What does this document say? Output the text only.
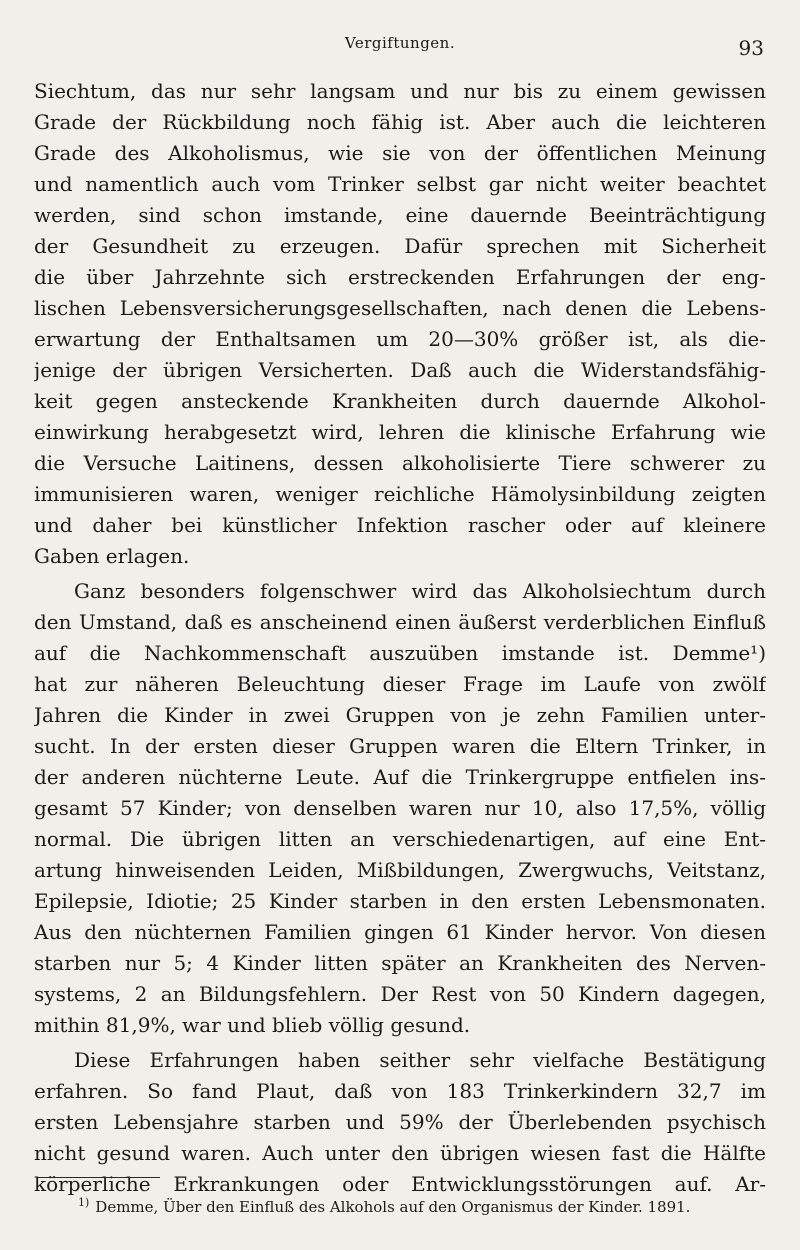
Vergiftungen.	93
Siechtum, das nur sehr langsam und nur bis zu einem gewissen
Grade der Rückbildung noch fähig ist. Aber auch die leichteren
Grade des Alkoholismus, wie sie von der öffentlichen Meinung
und namentlich auch vom Trinker selbst gar nicht weiter beachtet
werden, sind schon imstande, eine dauernde Beeinträchtigung
der Gesundheit zu erzeugen. Dafür sprechen mit Sicherheit
die über Jahrzehnte sich erstreckenden Erfahrungen der eng-
lischen Lebensversicherungsgesellschaften, nach denen die Lebens-
erwartung der Enthaltsamen um 20—30% größer ist, als die-
jenige der übrigen Versicherten. Daß auch die Widerstandsfähig-
keit gegen ansteckende Krankheiten durch dauernde Alkohol-
einwirkung herabgesetzt wird, lehren die klinische Erfahrung wie
die Versuche Laitinens, dessen alkoholisierte Tiere schwerer zu
immunisieren waren, weniger reichliche Hämolysinbildung zeigten
und daher bei künstlicher Infektion rascher oder auf kleinere
Gaben erlagen.
Ganz besonders folgenschwer wird das Alkoholsiechtum durch
den Umstand, daß es anscheinend einen äußerst verderblichen Einfluß
auf die Nachkommenschaft auszuüben imstande ist. Demme¹)
hat zur näheren Beleuchtung dieser Frage im Laufe von zwölf
Jahren die Kinder in zwei Gruppen von je zehn Familien unter-
sucht. In der ersten dieser Gruppen waren die Eltern Trinker, in
der anderen nüchterne Leute. Auf die Trinkergruppe entfielen ins-
gesamt 57 Kinder; von denselben waren nur 10, also 17,5%, völlig
normal. Die übrigen litten an verschiedenartigen, auf eine Ent-
artung hinweisenden Leiden, Mißbildungen, Zwergwuchs, Veitstanz,
Epilepsie, Idiotie; 25 Kinder starben in den ersten Lebensmonaten.
Aus den nüchternen Familien gingen 61 Kinder hervor. Von diesen
starben nur 5; 4 Kinder litten später an Krankheiten des Nerven-
systems, 2 an Bildungsfehlern. Der Rest von 50 Kindern dagegen,
mithin 81,9%, war und blieb völlig gesund.
Diese Erfahrungen haben seither sehr vielfache Bestätigung
erfahren. So fand Plaut, daß von 183 Trinkerkindern 32,7 im
ersten Lebensjahre starben und 59% der Überlebenden psychisch
nicht gesund waren. Auch unter den übrigen wiesen fast die Hälfte
körperliche Erkrankungen oder Entwicklungsstörungen auf. Ar-
$^{1)}$ Demme, Über den Einfluß des Alkohols auf den Organismus der Kinder. 1891.
